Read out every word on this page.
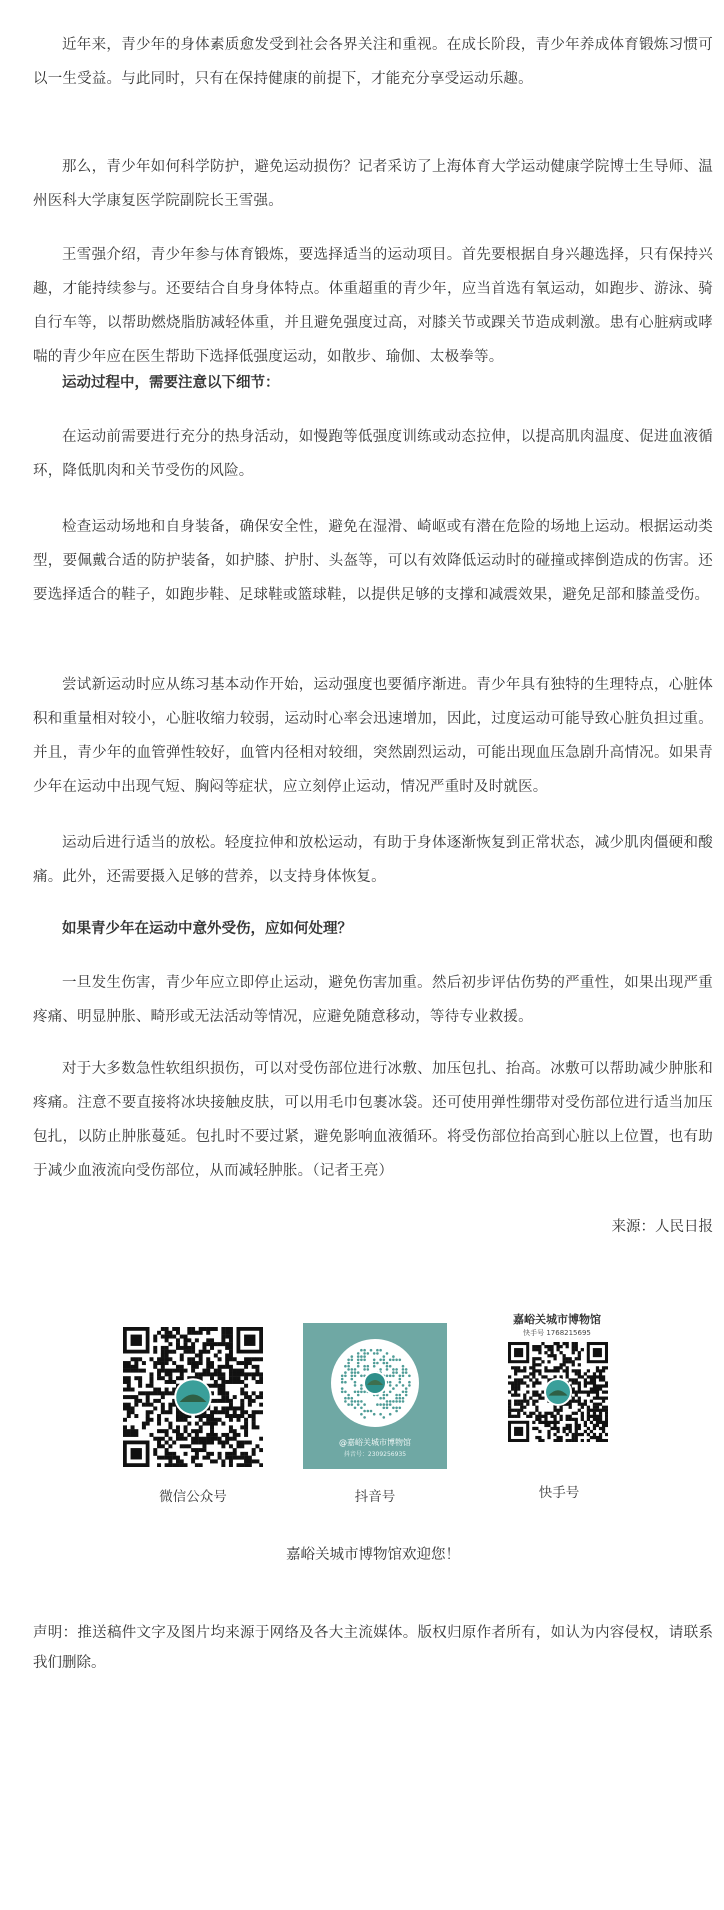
近年来，青少年的身体素质愈发受到社会各界关注和重视。在成长阶段，青少年养成体育锻炼习惯可以一生受益。与此同时，只有在保持健康的前提下，才能充分享受运动乐趣。

那么，青少年如何科学防护，避免运动损伤？记者采访了上海体育大学运动健康学院博士生导师、温州医科大学康复医学院副院长王雪强。

王雪强介绍，青少年参与体育锻炼，要选择适当的运动项目。首先要根据自身兴趣选择，只有保持兴趣，才能持续参与。还要结合自身身体特点。体重超重的青少年，应当首选有氧运动，如跑步、游泳、骑自行车等，以帮助燃烧脂肪减轻体重，并且避免强度过高，对膝关节或踝关节造成刺激。患有心脏病或哮喘的青少年应在医生帮助下选择低强度运动，如散步、瑜伽、太极拳等。

运动过程中，需要注意以下细节：

在运动前需要进行充分的热身活动，如慢跑等低强度训练或动态拉伸，以提高肌肉温度、促进血液循环，降低肌肉和关节受伤的风险。

检查运动场地和自身装备，确保安全性，避免在湿滑、崎岖或有潜在危险的场地上运动。根据运动类型，要佩戴合适的防护装备，如护膝、护肘、头盔等，可以有效降低运动时的碰撞或摔倒造成的伤害。还要选择适合的鞋子，如跑步鞋、足球鞋或篮球鞋，以提供足够的支撑和减震效果，避免足部和膝盖受伤。

尝试新运动时应从练习基本动作开始，运动强度也要循序渐进。青少年具有独特的生理特点，心脏体积和重量相对较小，心脏收缩力较弱，运动时心率会迅速增加，因此，过度运动可能导致心脏负担过重。并且，青少年的血管弹性较好，血管内径相对较细，突然剧烈运动，可能出现血压急剧升高情况。如果青少年在运动中出现气短、胸闷等症状，应立刻停止运动，情况严重时及时就医。

运动后进行适当的放松。轻度拉伸和放松运动，有助于身体逐渐恢复到正常状态，减少肌肉僵硬和酸痛。此外，还需要摄入足够的营养，以支持身体恢复。

如果青少年在运动中意外受伤，应如何处理？

一旦发生伤害，青少年应立即停止运动，避免伤害加重。然后初步评估伤势的严重性，如果出现严重疼痛、明显肿胀、畸形或无法活动等情况，应避免随意移动，等待专业救援。

对于大多数急性软组织损伤，可以对受伤部位进行冰敷、加压包扎、抬高。冰敷可以帮助减少肿胀和疼痛。注意不要直接将冰块接触皮肤，可以用毛巾包裹冰袋。还可使用弹性绷带对受伤部位进行适当加压包扎，以防止肿胀蔓延。包扎时不要过紧，避免影响血液循环。将受伤部位抬高到心脏以上位置，也有助于减少血液流向受伤部位，从而减轻肿胀。（记者王亮）

来源：人民日报
微信公众号
@嘉峪关城市博物馆
抖音号：2309256935
抖音号
嘉峪关城市博物馆
快手号 1768215695
快手号
嘉峪关城市博物馆欢迎您！

声明：推送稿件文字及图片均来源于网络及各大主流媒体。版权归原作者所有，如认为内容侵权，请联系我们删除。
